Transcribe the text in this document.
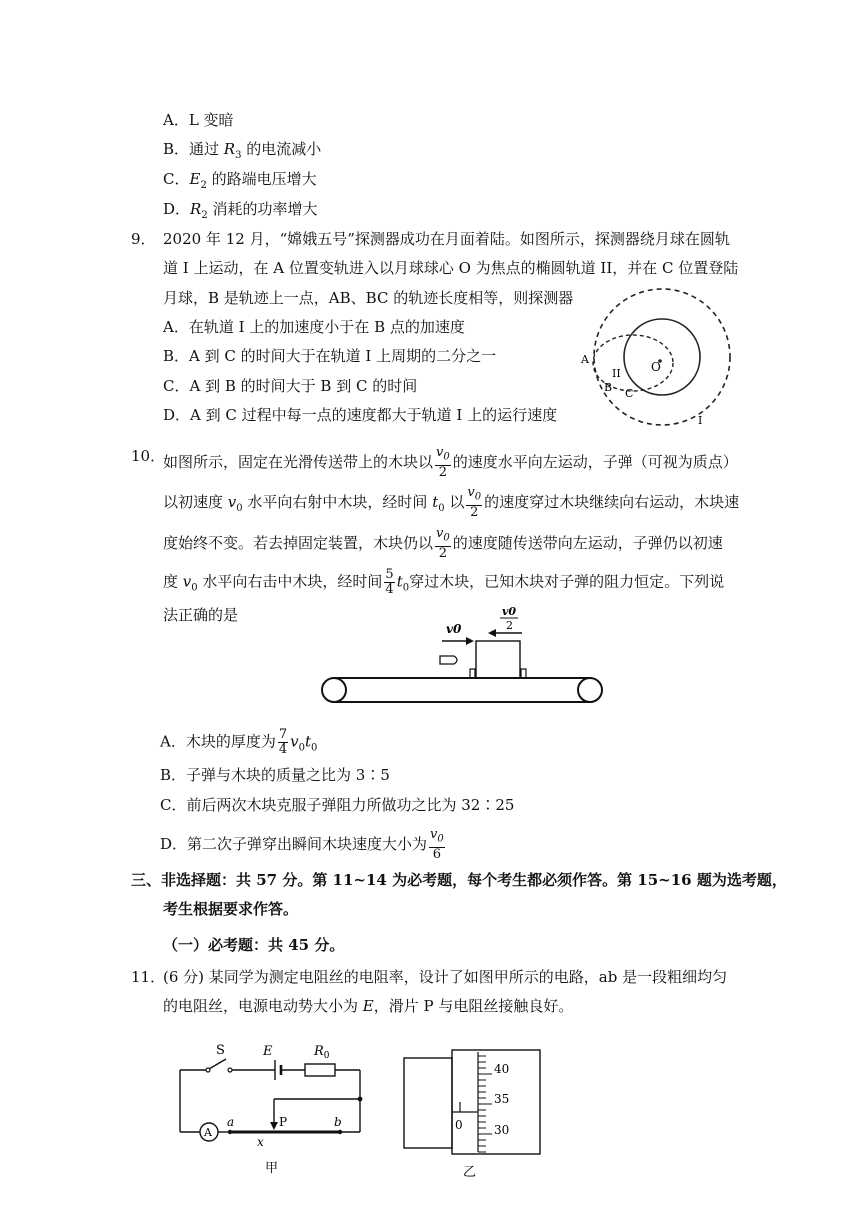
A．L 变暗
B．通过 $R_3$ 的电流减小
C．$E_2$ 的路端电压增大
D．$R_2$ 消耗的功率增大
9． 2020 年 12 月，“嫦娥五号”探测器成功在月面着陆。如图所示，探测器绕月球在圆轨
道 I 上运动，在 A 位置变轨进入以月球球心 O 为焦点的椭圆轨道 II，并在 C 位置登陆
月球，B 是轨迹上一点，AB、BC 的轨迹长度相等，则探测器
A．在轨道 I 上的加速度小于在 B 点的加速度
B．A 到 C 的时间大于在轨道 I 上周期的二分之一
C．A 到 B 的时间大于 B 到 C 的时间
D．A 到 C 过程中每一点的速度都大于轨道 I 上的运行速度
O
A
II
B C
I
10．
如图所示，固定在光滑传送带上的木块以 $\frac{v_0}{2}$ 的速度水平向左运动，子弹（可视为质点）
以初速度 $v_0$ 水平向右射中木块，经时间 $t_0$ 以 $\frac{v_0}{2}$ 的速度穿过木块继续向右运动，木块速
度始终不变。若去掉固定装置，木块仍以 $\frac{v_0}{2}$ 的速度随传送带向左运动，子弹仍以初速
度 $v_0$ 水平向右击中木块，经时间 $\frac{5}{4} t_0$穿过木块，已知木块对子弹的阻力恒定。下列说
法正确的是
v0
v0
2
A．木块的厚度为 $\frac{7}{4} v_0t_0$
B．子弹与木块的质量之比为 3∶5
C．前后两次木块克服子弹阻力所做功之比为 32∶25
D．第二次子弹穿出瞬间木块速度大小为 $\frac{v_0}{6}$
三、非选择题：共 57 分。第 11~14 为必考题，每个考生都必须作答。第 15~16 题为选考题，
考生根据要求作答。
（一）必考题：共 45 分。
11．
(6 分) 某同学为测定电阻丝的电阻率，设计了如图甲所示的电路，ab 是一段粗细均匀
的电阻丝，电源电动势大小为 E，滑片 P 与电阻丝接触良好。
S	E	$R_0$
P
A
a	b
x
甲
0
40
35
30
乙
